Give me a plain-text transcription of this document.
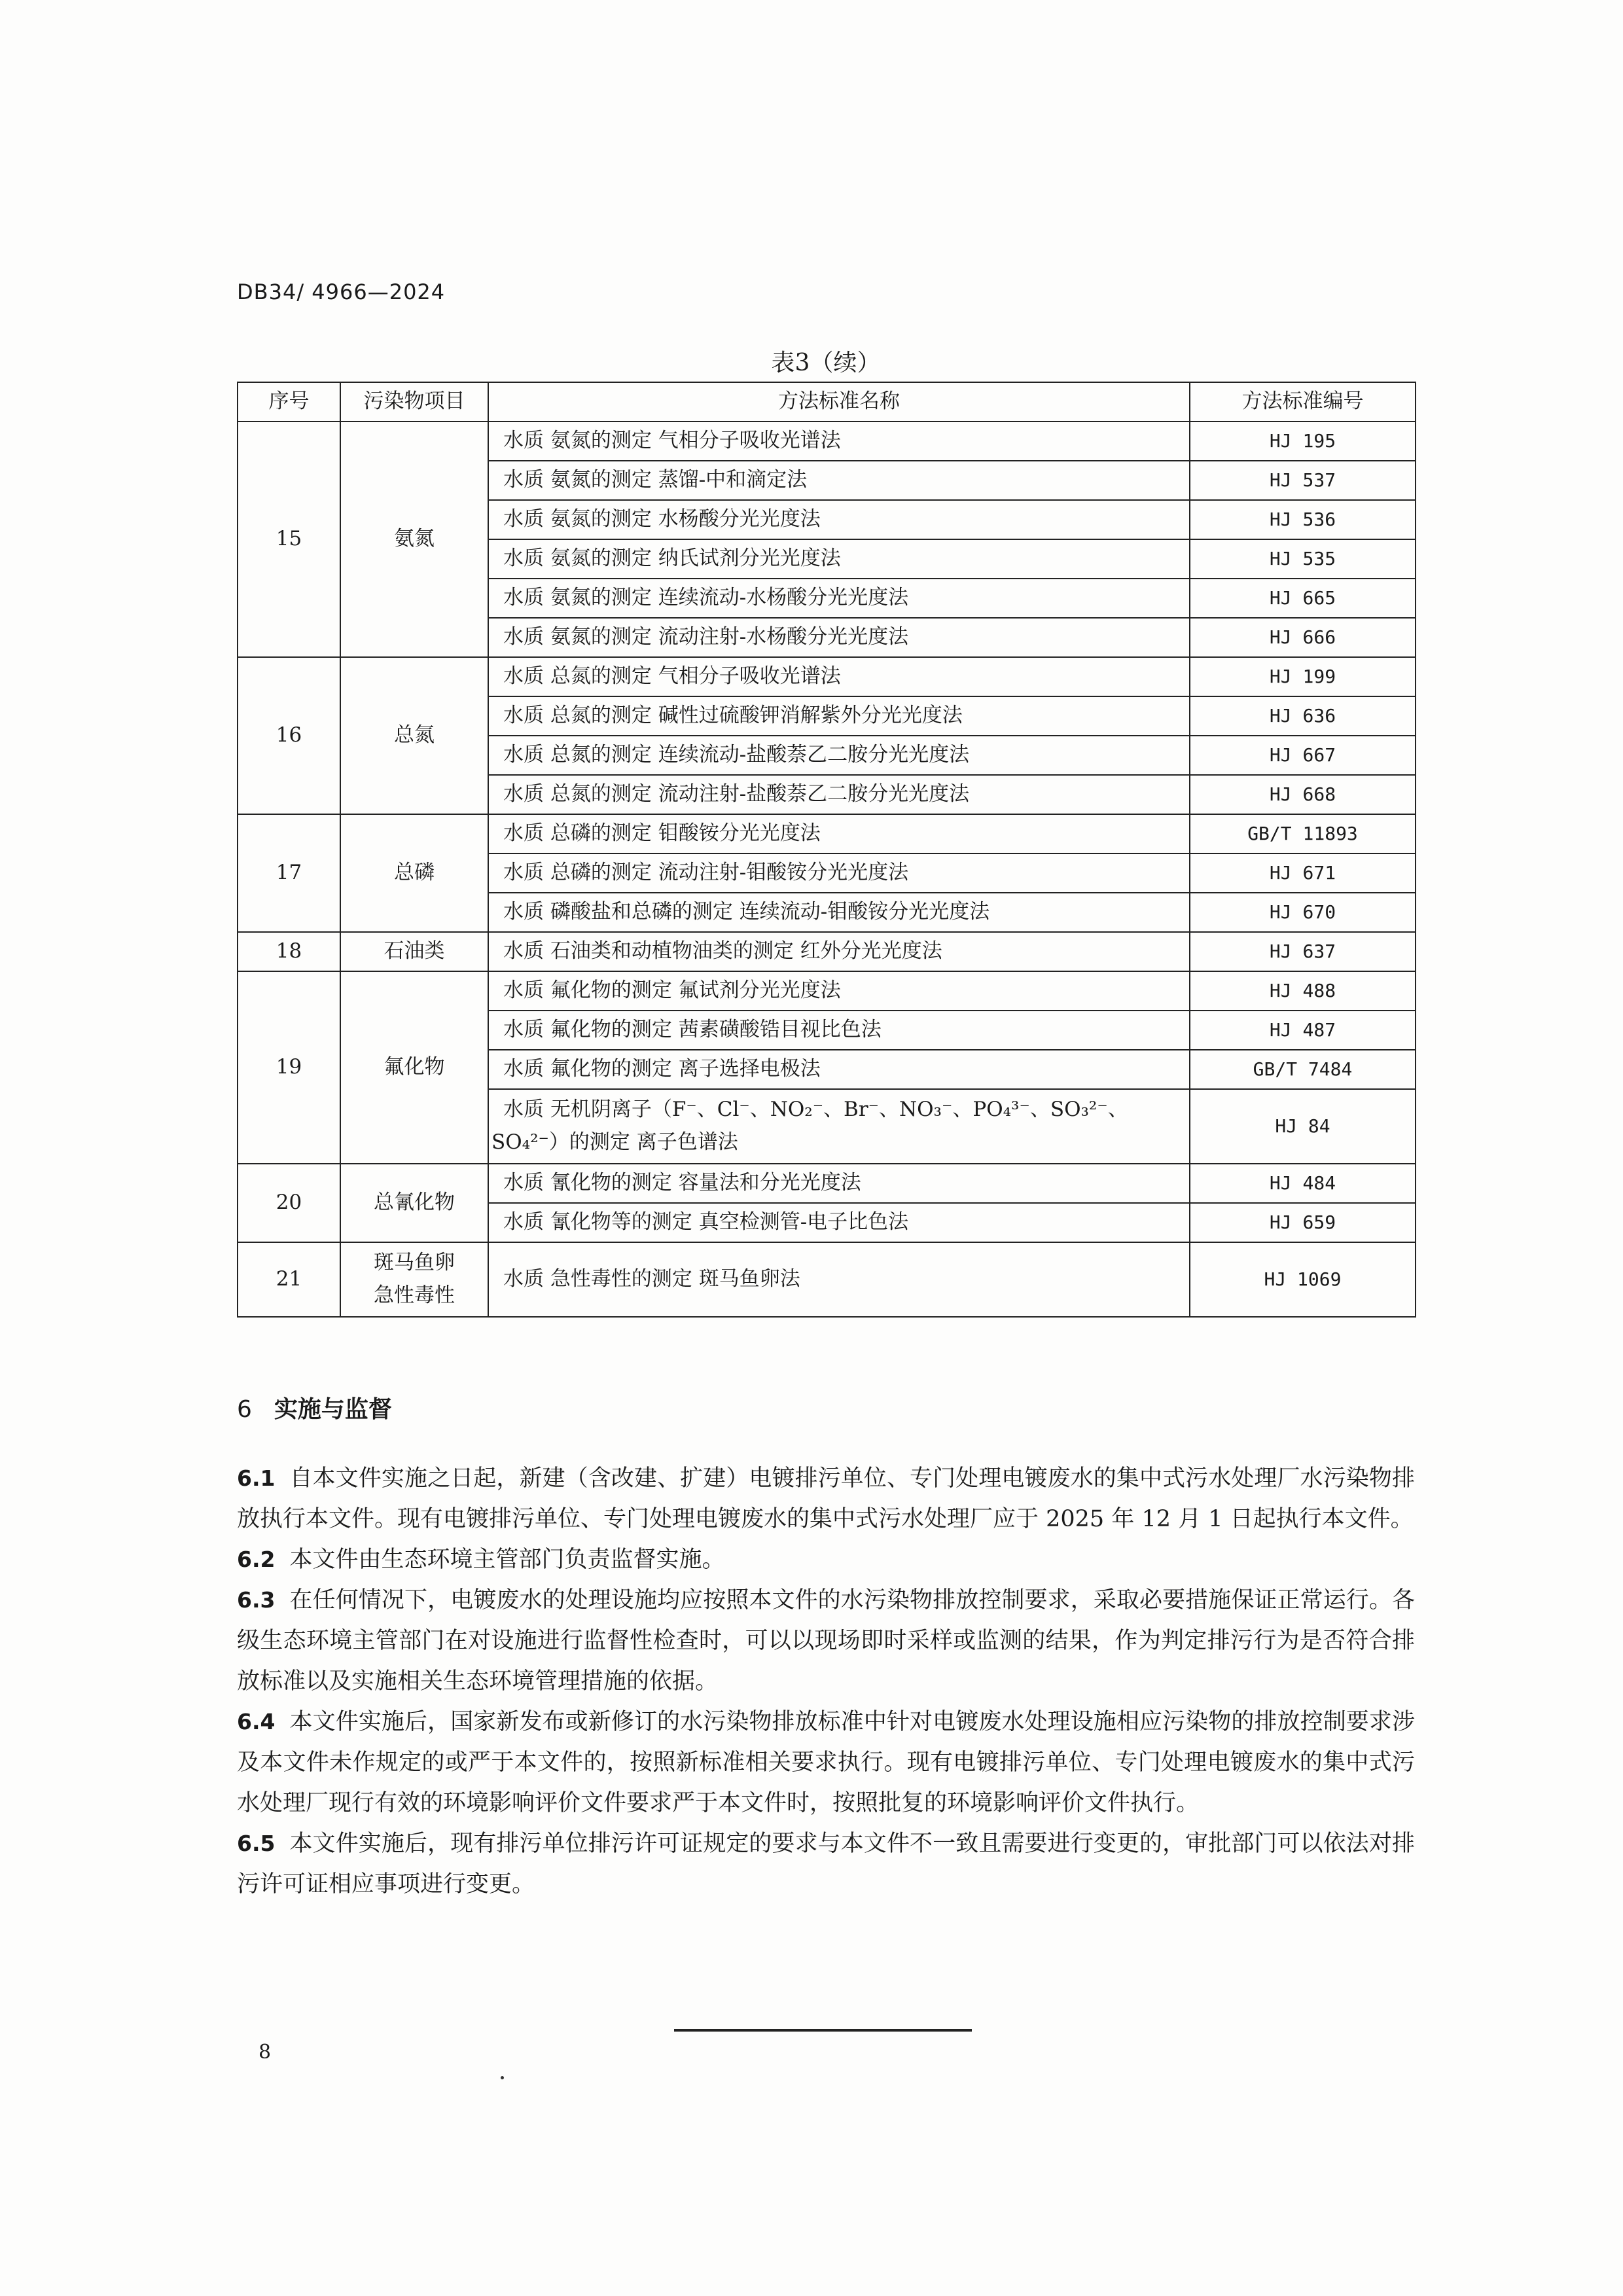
DB34/ 4966—2024
表3（续）
序号	污染物项目	方法标准名称	方法标准编号
15	氨氮	水质 氨氮的测定 气相分子吸收光谱法	HJ 195
		水质 氨氮的测定 蒸馏-中和滴定法	HJ 537
		水质 氨氮的测定 水杨酸分光光度法	HJ 536
		水质 氨氮的测定 纳氏试剂分光光度法	HJ 535
		水质 氨氮的测定 连续流动-水杨酸分光光度法	HJ 665
		水质 氨氮的测定 流动注射-水杨酸分光光度法	HJ 666
16	总氮	水质 总氮的测定 气相分子吸收光谱法	HJ 199
		水质 总氮的测定 碱性过硫酸钾消解紫外分光光度法	HJ 636
		水质 总氮的测定 连续流动-盐酸萘乙二胺分光光度法	HJ 667
		水质 总氮的测定 流动注射-盐酸萘乙二胺分光光度法	HJ 668
17	总磷	水质 总磷的测定 钼酸铵分光光度法	GB/T 11893
		水质 总磷的测定 流动注射-钼酸铵分光光度法	HJ 671
		水质 磷酸盐和总磷的测定 连续流动-钼酸铵分光光度法	HJ 670
18	石油类	水质 石油类和动植物油类的测定 红外分光光度法	HJ 637
19	氟化物	水质 氟化物的测定 氟试剂分光光度法	HJ 488
		水质 氟化物的测定 茜素磺酸锆目视比色法	HJ 487
		水质 氟化物的测定 离子选择电极法	GB/T 7484
		水质 无机阴离子（F⁻、Cl⁻、NO₂⁻、Br⁻、NO₃⁻、PO₄³⁻、SO₃²⁻、SO₄²⁻）的测定 离子色谱法	HJ 84
20	总氰化物	水质 氰化物的测定 容量法和分光光度法	HJ 484
		水质 氰化物等的测定 真空检测管-电子比色法	HJ 659
21	斑马鱼卵急性毒性	水质 急性毒性的测定 斑马鱼卵法	HJ 1069
6 实施与监督

6.1 自本文件实施之日起，新建（含改建、扩建）电镀排污单位、专门处理电镀废水的集中式污水处理厂水污染物排放执行本文件。现有电镀排污单位、专门处理电镀废水的集中式污水处理厂应于 2025 年 12 月 1 日起执行本文件。

6.2 本文件由生态环境主管部门负责监督实施。

6.3 在任何情况下，电镀废水的处理设施均应按照本文件的水污染物排放控制要求，采取必要措施保证正常运行。各级生态环境主管部门在对设施进行监督性检查时，可以以现场即时采样或监测的结果，作为判定排污行为是否符合排放标准以及实施相关生态环境管理措施的依据。

6.4 本文件实施后，国家新发布或新修订的水污染物排放标准中针对电镀废水处理设施相应污染物的排放控制要求涉及本文件未作规定的或严于本文件的，按照新标准相关要求执行。现有电镀排污单位、专门处理电镀废水的集中式污水处理厂现行有效的环境影响评价文件要求严于本文件时，按照批复的环境影响评价文件执行。

6.5 本文件实施后，现有排污单位排污许可证规定的要求与本文件不一致且需要进行变更的，审批部门可以依法对排污许可证相应事项进行变更。

8
